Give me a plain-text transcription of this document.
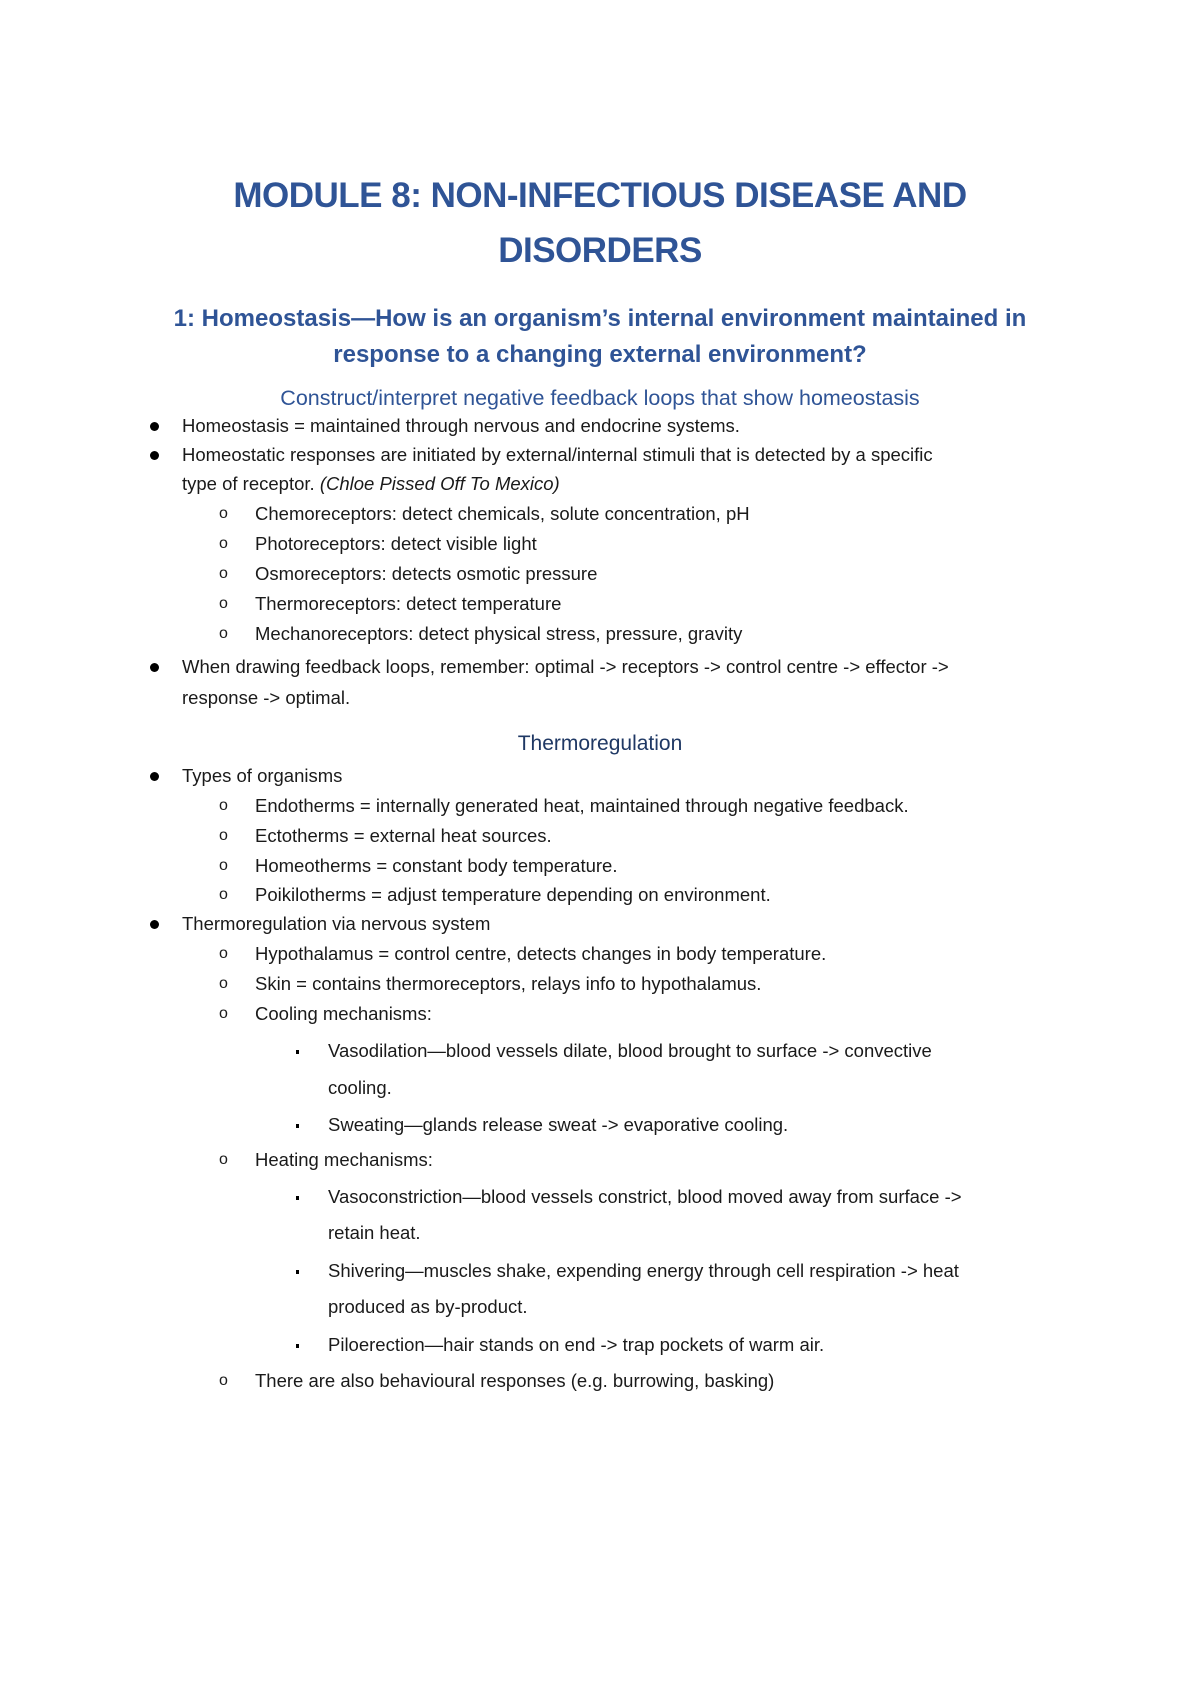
MODULE 8: NON-INFECTIOUS DISEASE AND
DISORDERS
1: Homeostasis—How is an organism’s internal environment maintained in
response to a changing external environment?
Construct/interpret negative feedback loops that show homeostasis
Homeostasis = maintained through nervous and endocrine systems.
Homeostatic responses are initiated by external/internal stimuli that is detected by a specific
type of receptor. (Chloe Pissed Off To Mexico)
o Chemoreceptors: detect chemicals, solute concentration, pH
o Photoreceptors: detect visible light
o Osmoreceptors: detects osmotic pressure
o Thermoreceptors: detect temperature
o Mechanoreceptors: detect physical stress, pressure, gravity
When drawing feedback loops, remember: optimal -> receptors -> control centre -> effector ->
response -> optimal.
Thermoregulation
Types of organisms
o Endotherms = internally generated heat, maintained through negative feedback.
o Ectotherms = external heat sources.
o Homeotherms = constant body temperature.
o Poikilotherms = adjust temperature depending on environment.
Thermoregulation via nervous system
o Hypothalamus = control centre, detects changes in body temperature.
o Skin = contains thermoreceptors, relays info to hypothalamus.
o Cooling mechanisms:
Vasodilation—blood vessels dilate, blood brought to surface -> convective
cooling.
Sweating—glands release sweat -> evaporative cooling.
o Heating mechanisms:
Vasoconstriction—blood vessels constrict, blood moved away from surface ->
retain heat.
Shivering—muscles shake, expending energy through cell respiration -> heat
produced as by-product.
Piloerection—hair stands on end -> trap pockets of warm air.
o There are also behavioural responses (e.g. burrowing, basking)
